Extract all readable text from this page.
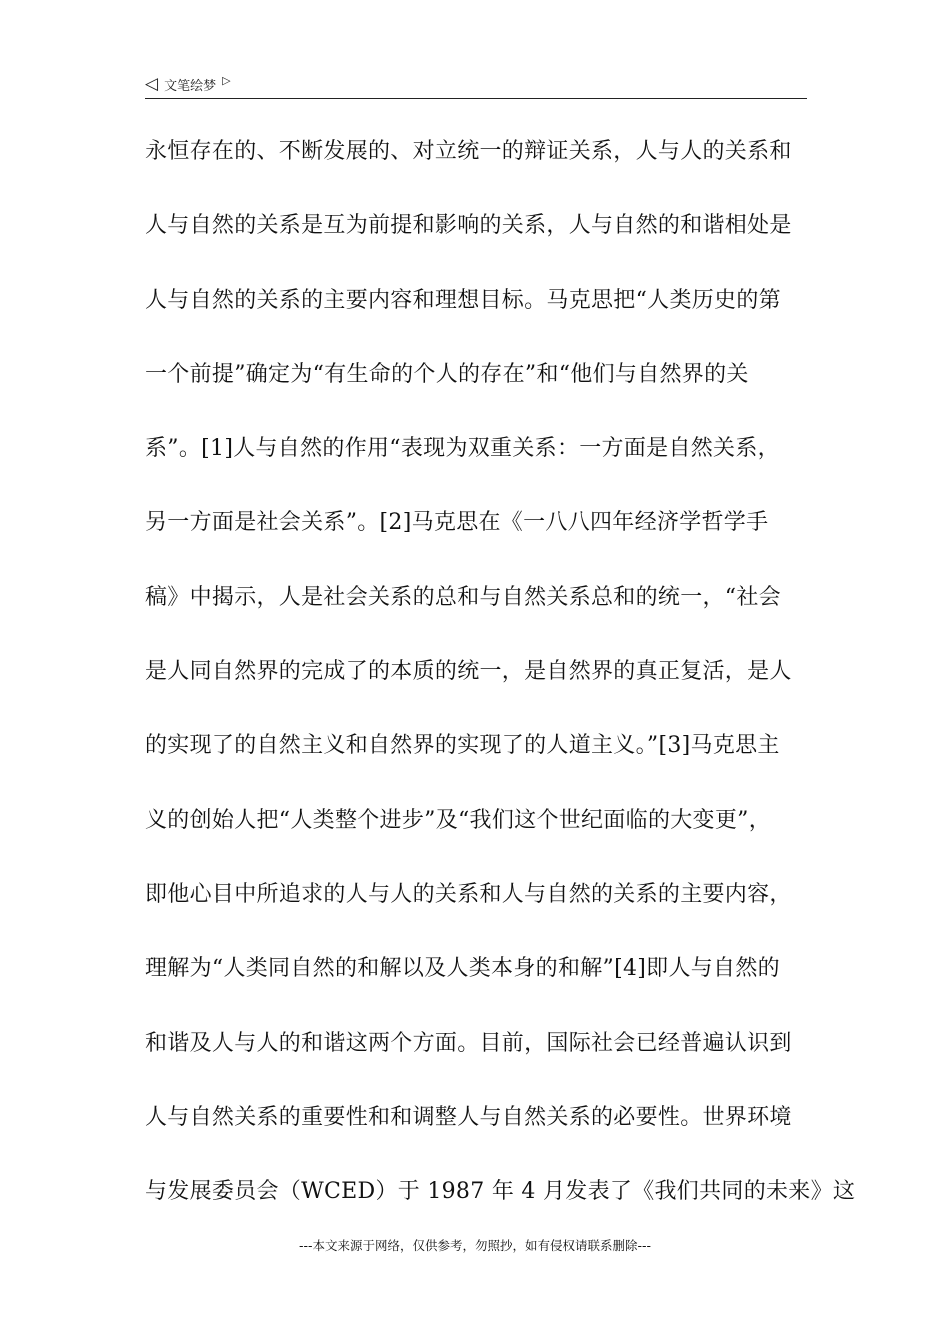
◁ 文笔绘梦 ▷
永恒存在的、不断发展的、对立统一的辩证关系，人与人的关系和
人与自然的关系是互为前提和影响的关系，人与自然的和谐相处是
人与自然的关系的主要内容和理想目标。马克思把“人类历史的第
一个前提”确定为“有生命的个人的存在”和“他们与自然界的关
系”。[1]人与自然的作用“表现为双重关系：一方面是自然关系，
另一方面是社会关系”。[2]马克思在《一八八四年经济学哲学手
稿》中揭示，人是社会关系的总和与自然关系总和的统一，“社会
是人同自然界的完成了的本质的统一，是自然界的真正复活，是人
的实现了的自然主义和自然界的实现了的人道主义。”[3]马克思主
义的创始人把“人类整个进步”及“我们这个世纪面临的大变更”，
即他心目中所追求的人与人的关系和人与自然的关系的主要内容，
理解为“人类同自然的和解以及人类本身的和解”[4]即人与自然的
和谐及人与人的和谐这两个方面。目前，国际社会已经普遍认识到
人与自然关系的重要性和和调整人与自然关系的必要性。世界环境
与发展委员会（WCED）于 1987 年 4 月发表了《我们共同的未来》这
---本文来源于网络，仅供参考，勿照抄，如有侵权请联系删除---
